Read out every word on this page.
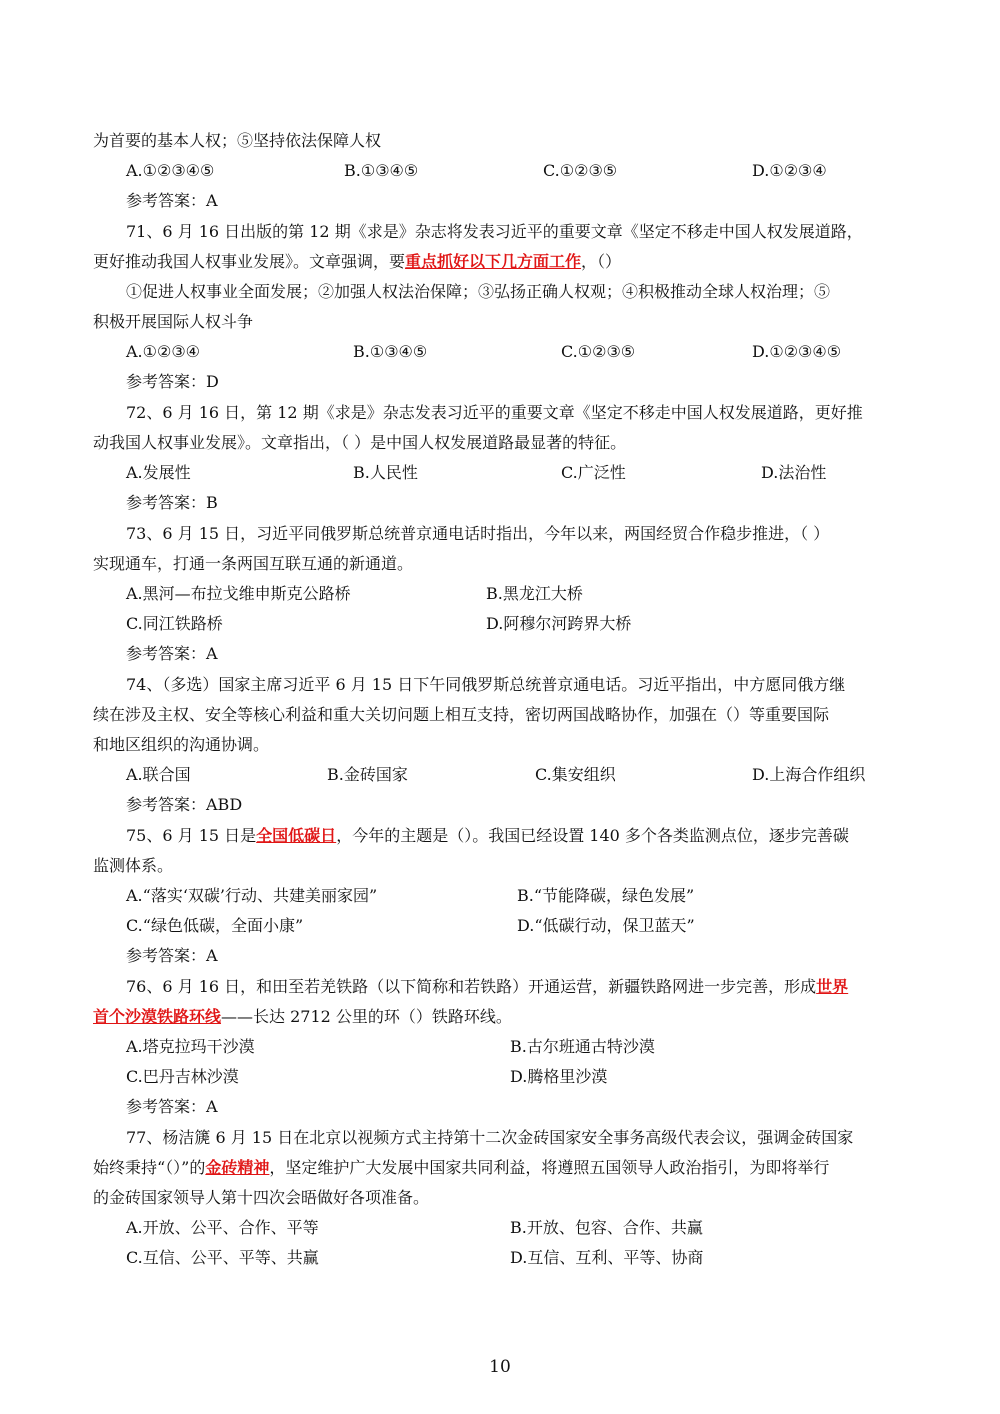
为首要的基本人权；⑤坚持依法保障人权
A.①②③④⑤	B.①③④⑤	C.①②③⑤	D.①②③④
参考答案：A
71、6 月 16 日出版的第 12 期《求是》杂志将发表习近平的重要文章《坚定不移走中国人权发展道路，
更好推动我国人权事业发展》。文章强调，要重点抓好以下几方面工作，（）
①促进人权事业全面发展；②加强人权法治保障；③弘扬正确人权观；④积极推动全球人权治理；⑤
积极开展国际人权斗争
A.①②③④	B.①③④⑤	C.①②③⑤	D.①②③④⑤
参考答案：D
72、6 月 16 日，第 12 期《求是》杂志发表习近平的重要文章《坚定不移走中国人权发展道路，更好推
动我国人权事业发展》。文章指出，（ ）是中国人权发展道路最显著的特征。
A.发展性	B.人民性	C.广泛性	D.法治性
参考答案：B
73、6 月 15 日，习近平同俄罗斯总统普京通电话时指出，今年以来，两国经贸合作稳步推进，（ ）
实现通车，打通一条两国互联互通的新通道。
A.黑河—布拉戈维申斯克公路桥	B.黑龙江大桥
C.同江铁路桥	D.阿穆尔河跨界大桥
参考答案：A
74、（多选）国家主席习近平 6 月 15 日下午同俄罗斯总统普京通电话。习近平指出，中方愿同俄方继
续在涉及主权、安全等核心利益和重大关切问题上相互支持，密切两国战略协作，加强在（）等重要国际
和地区组织的沟通协调。
A.联合国	B.金砖国家	C.集安组织	D.上海合作组织
参考答案：ABD
75、6 月 15 日是全国低碳日，今年的主题是（）。我国已经设置 140 多个各类监测点位，逐步完善碳
监测体系。
A.“落实‘双碳’行动、共建美丽家园”	B.“节能降碳，绿色发展”
C.“绿色低碳，全面小康”	D.“低碳行动，保卫蓝天”
参考答案：A
76、6 月 16 日，和田至若羌铁路（以下简称和若铁路）开通运营，新疆铁路网进一步完善，形成世界
首个沙漠铁路环线——长达 2712 公里的环（）铁路环线。
A.塔克拉玛干沙漠	B.古尔班通古特沙漠
C.巴丹吉林沙漠	D.腾格里沙漠
参考答案：A
77、杨洁篪 6 月 15 日在北京以视频方式主持第十二次金砖国家安全事务高级代表会议，强调金砖国家
始终秉持“（）”的金砖精神，坚定维护广大发展中国家共同利益，将遵照五国领导人政治指引，为即将举行
的金砖国家领导人第十四次会晤做好各项准备。
A.开放、公平、合作、平等	B.开放、包容、合作、共赢
C.互信、公平、平等、共赢	D.互信、互利、平等、协商
10
